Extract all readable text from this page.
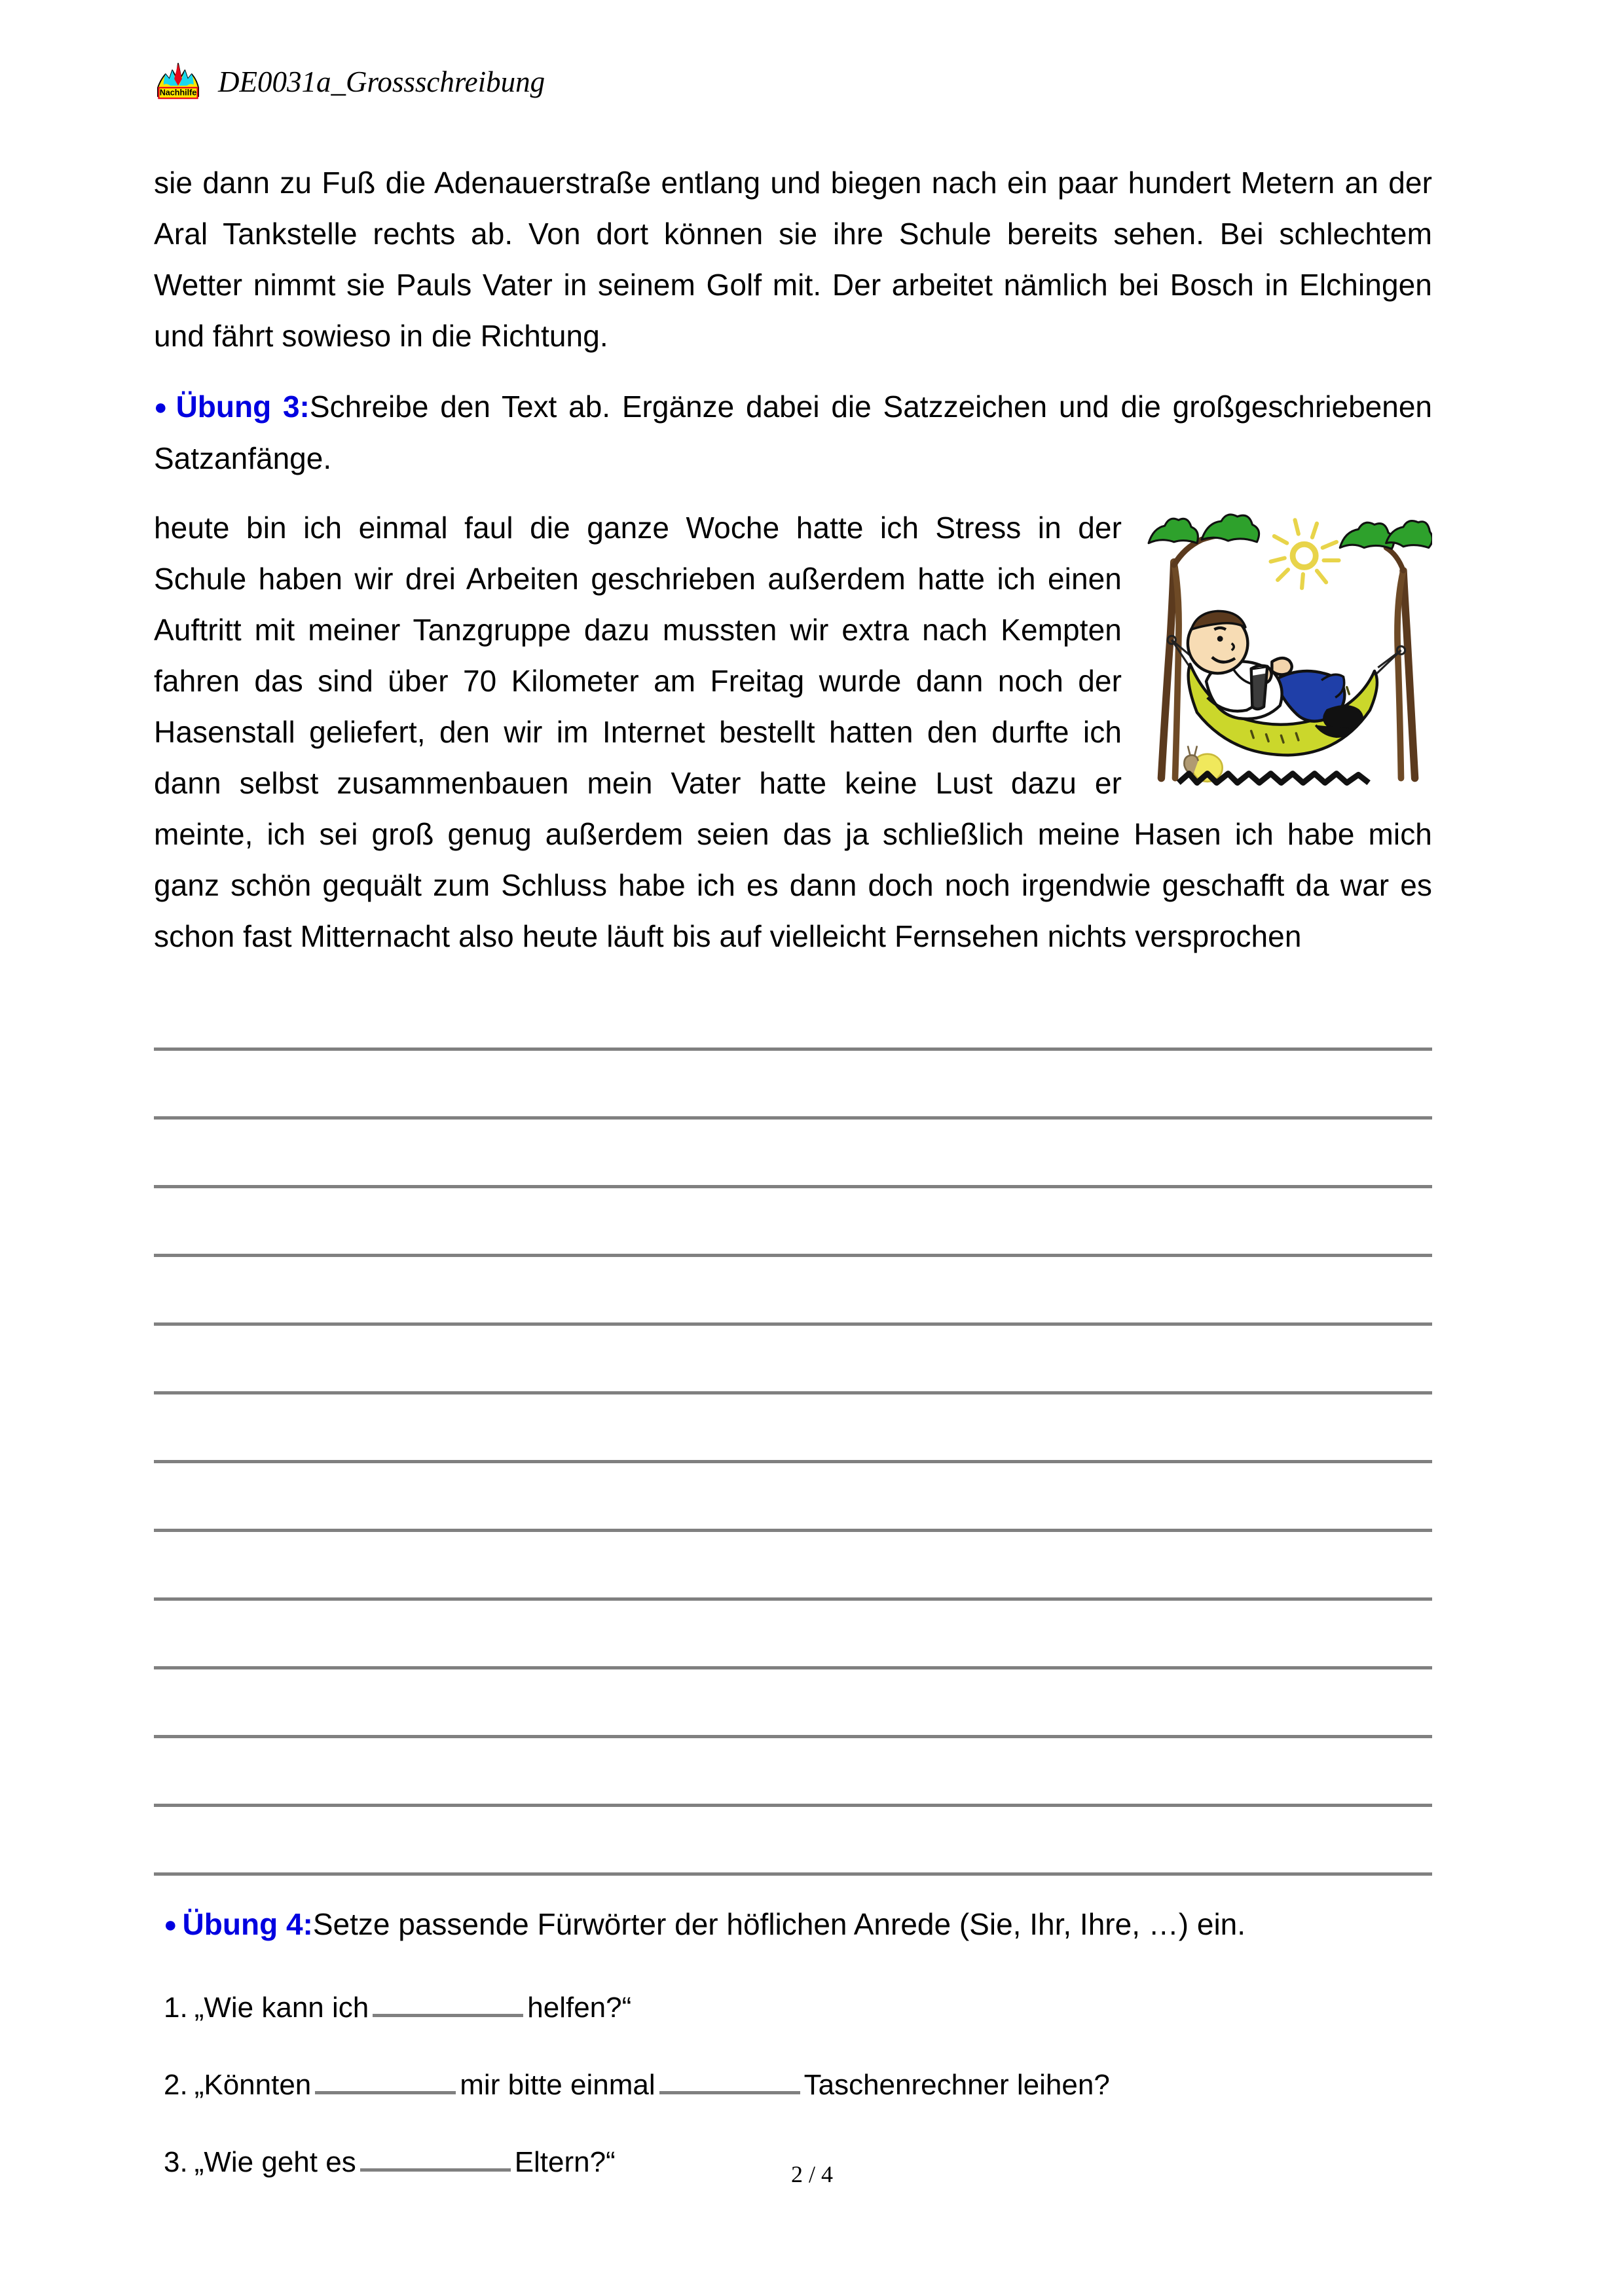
Nachhilfe DE0031a_Grossschreibung

sie dann zu Fuß die Adenauerstraße entlang und biegen nach ein paar hundert Metern an der Aral Tankstelle rechts ab. Von dort können sie ihre Schule bereits sehen. Bei schlechtem Wetter nimmt sie Pauls Vater in seinem Golf mit. Der arbeitet nämlich bei Bosch in Elchingen und fährt sowieso in die Richtung.

● Übung 3:Schreibe den Text ab. Ergänze dabei die Satzzeichen und die großgeschriebenen Satzanfänge.

heute bin ich einmal faul die ganze Woche hatte ich Stress in der Schule haben wir drei Arbeiten geschrieben außerdem hatte ich einen Auftritt mit meiner Tanzgruppe dazu mussten wir extra nach Kempten fahren das sind über 70 Kilometer am Freitag wurde dann noch der Hasenstall geliefert, den wir im Internet bestellt hatten den durfte ich dann selbst zusammenbauen mein Vater hatte keine Lust dazu er meinte, ich sei groß genug außerdem seien das ja schließlich meine Hasen ich habe mich ganz schön gequält zum Schluss habe ich es dann doch noch irgendwie geschafft da war es schon fast Mitternacht also heute läuft bis auf vielleicht Fernsehen nichts versprochen

● Übung 4:Setze passende Fürwörter der höflichen Anrede (Sie, Ihr, Ihre, …) ein.

1. „Wie kann ich	helfen?“
2. „Könnten	mir bitte einmal	Taschenrechner leihen?
3. „Wie geht es	Eltern?“	2 / 4
